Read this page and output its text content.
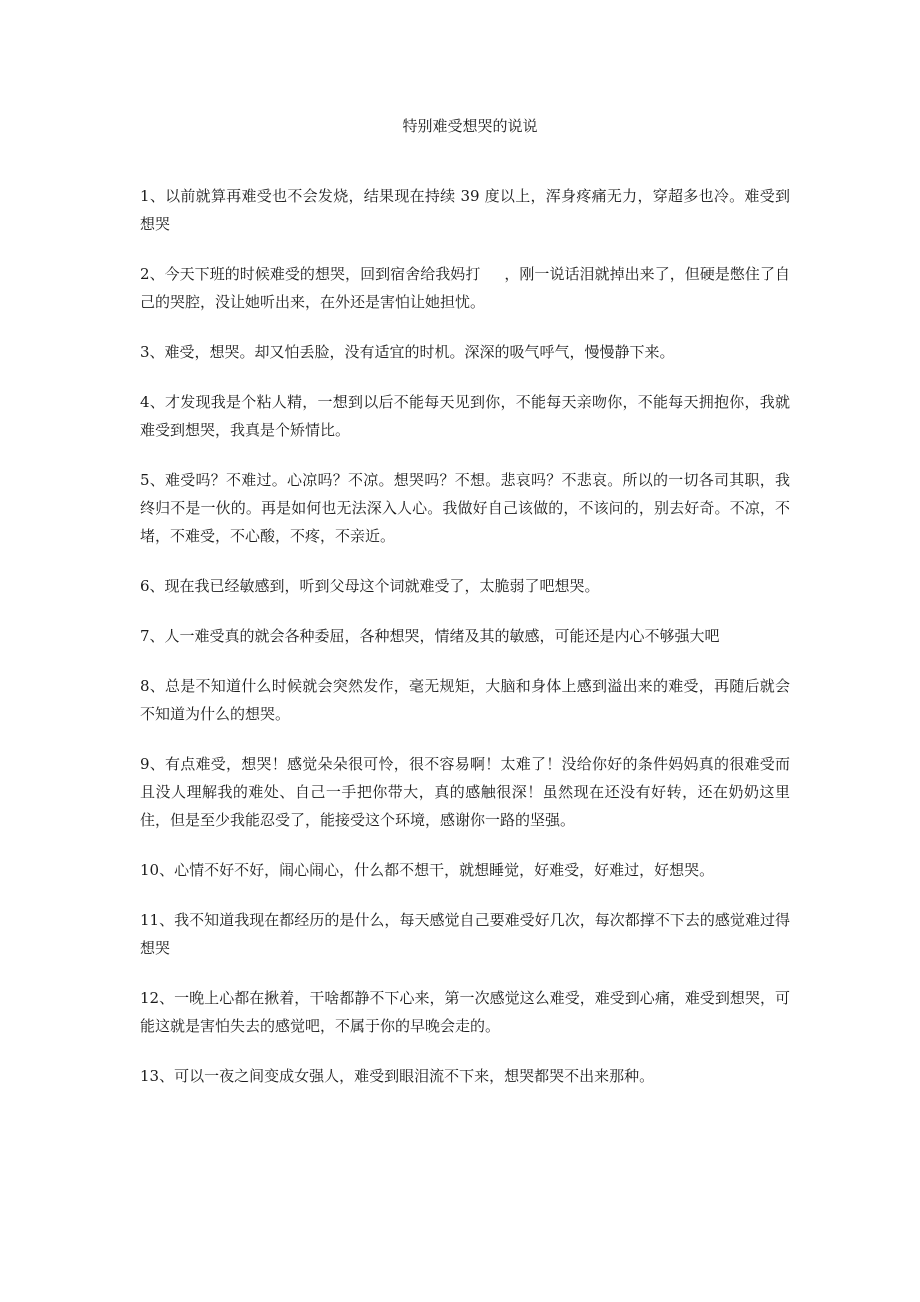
特别难受想哭的说说

1、以前就算再难受也不会发烧，结果现在持续 39 度以上，浑身疼痛无力，穿超多也冷。难受到想哭

2、今天下班的时候难受的想哭，回到宿舍给我妈打     ，刚一说话泪就掉出来了，但硬是憋住了自己的哭腔，没让她听出来，在外还是害怕让她担忧。

3、难受，想哭。却又怕丢脸，没有适宜的时机。深深的吸气呼气，慢慢静下来。

4、才发现我是个粘人精，一想到以后不能每天见到你，不能每天亲吻你，不能每天拥抱你，我就难受到想哭，我真是个矫情比。

5、难受吗？不难过。心凉吗？不凉。想哭吗？不想。悲哀吗？不悲哀。所以的一切各司其职，我终归不是一伙的。再是如何也无法深入人心。我做好自己该做的，不该问的，别去好奇。不凉，不堵，不难受，不心酸，不疼，不亲近。

6、现在我已经敏感到，听到父母这个词就难受了，太脆弱了吧想哭。

7、人一难受真的就会各种委屈，各种想哭，情绪及其的敏感，可能还是内心不够强大吧

8、总是不知道什么时候就会突然发作，毫无规矩，大脑和身体上感到溢出来的难受，再随后就会不知道为什么的想哭。

9、有点难受，想哭！感觉朵朵很可怜，很不容易啊！太难了！没给你好的条件妈妈真的很难受而且没人理解我的难处、自己一手把你带大，真的感触很深！虽然现在还没有好转，还在奶奶这里住，但是至少我能忍受了，能接受这个环境，感谢你一路的坚强。

10、心情不好不好，闹心闹心，什么都不想干，就想睡觉，好难受，好难过，好想哭。

11、我不知道我现在都经历的是什么，每天感觉自己要难受好几次，每次都撑不下去的感觉难过得想哭

12、一晚上心都在揪着，干啥都静不下心来，第一次感觉这么难受，难受到心痛，难受到想哭，可能这就是害怕失去的感觉吧，不属于你的早晚会走的。

13、可以一夜之间变成女强人，难受到眼泪流不下来，想哭都哭不出来那种。
